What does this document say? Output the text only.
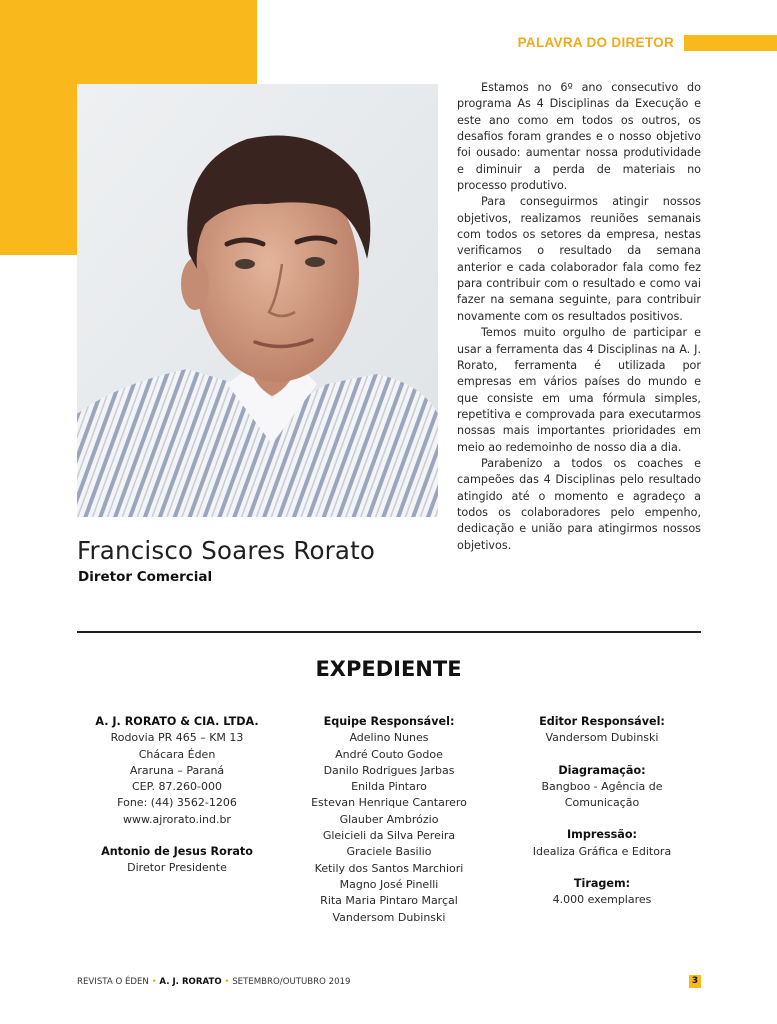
PALAVRA DO DIRETOR
Francisco Soares Rorato
Diretor Comercial

Estamos no 6º ano consecutivo do programa As 4 Disciplinas da Execução e este ano como em todos os outros, os desafios foram grandes e o nosso objetivo foi ousado: aumentar nossa produtividade e diminuir a perda de materiais no processo produtivo.

Para conseguirmos atingir nossos objetivos, realizamos reuniões semanais com todos os setores da empresa, nestas verificamos o resultado da semana anterior e cada colaborador fala como fez para contribuir com o resultado e como vai fazer na semana seguinte, para contribuir novamente com os resultados positivos.

Temos muito orgulho de participar e usar a ferramenta das 4 Disciplinas na A. J. Rorato, ferramenta é utilizada por empresas em vários países do mundo e que consiste em uma fórmula simples, repetitiva e comprovada para executarmos nossas mais importantes prioridades em meio ao redemoinho de nosso dia a dia.

Parabenizo a todos os coaches e campeões das 4 Disciplinas pelo resultado atingido até o momento e agradeço a todos os colaboradores pelo empenho, dedicação e união para atingirmos nossos objetivos.

EXPEDIENTE
A. J. RORATO & CIA. LTDA.
Rodovia PR 465 – KM 13
Chácara Éden
Araruna – Paraná
CEP. 87.260-000
Fone: (44) 3562-1206
www.ajrorato.ind.br
Antonio de Jesus Rorato
Diretor Presidente
Equipe Responsável:
Adelino Nunes
André Couto Godoe
Danilo Rodrigues Jarbas
Enilda Pintaro
Estevan Henrique Cantarero
Glauber Ambrózio
Gleicieli da Silva Pereira
Graciele Basilio
Ketily dos Santos Marchiori
Magno José Pinelli
Rita Maria Pintaro Marçal
Vandersom Dubinski
Editor Responsável:
Vandersom Dubinski
Diagramação:
Bangboo - Agência de
Comunicação
Impressão:
Idealiza Gráfica e Editora
Tiragem:
4.000 exemplares
REVISTA O ÉDEN • A. J. RORATO • SETEMBRO/OUTUBRO 2019	3
